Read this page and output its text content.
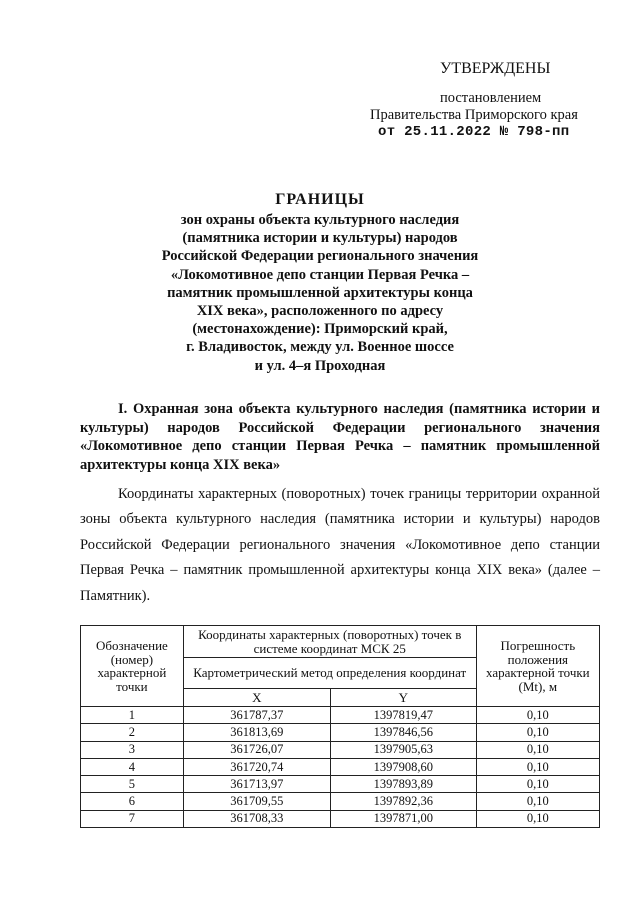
УТВЕРЖДЕНЫ
постановлением
Правительства Приморского края
от 25.11.2022 № 798-пп
ГРАНИЦЫ
зон охраны объекта культурного наследия
(памятника истории и культуры) народов
Российской Федерации регионального значения
«Локомотивное депо станции Первая Речка –
памятник промышленной архитектуры конца
XIX века», расположенного по адресу
(местонахождение): Приморский край,
г. Владивосток, между ул. Военное шоссе
и ул. 4–я Проходная
I. Охранная зона объекта культурного наследия (памятника истории и культуры) народов Российской Федерации регионального значения «Локомотивное депо станции Первая Речка – памятник промышленной архитектуры конца XIX века»
Координаты характерных (поворотных) точек границы территории охранной зоны объекта культурного наследия (памятника истории и культуры) народов Российской Федерации регионального значения «Локомотивное депо станции Первая Речка – памятник промышленной архитектуры конца XIX века» (далее – Памятник).
Обозначение (номер) характерной точки	Координаты характерных (поворотных) точек в системе координат МСК 25		Погрешность положения характерной точки (Mt), м
	Картометрический метод определения координат		
	X	Y	
1	361787,37	1397819,47	0,10
2	361813,69	1397846,56	0,10
3	361726,07	1397905,63	0,10
4	361720,74	1397908,60	0,10
5	361713,97	1397893,89	0,10
6	361709,55	1397892,36	0,10
7	361708,33	1397871,00	0,10
